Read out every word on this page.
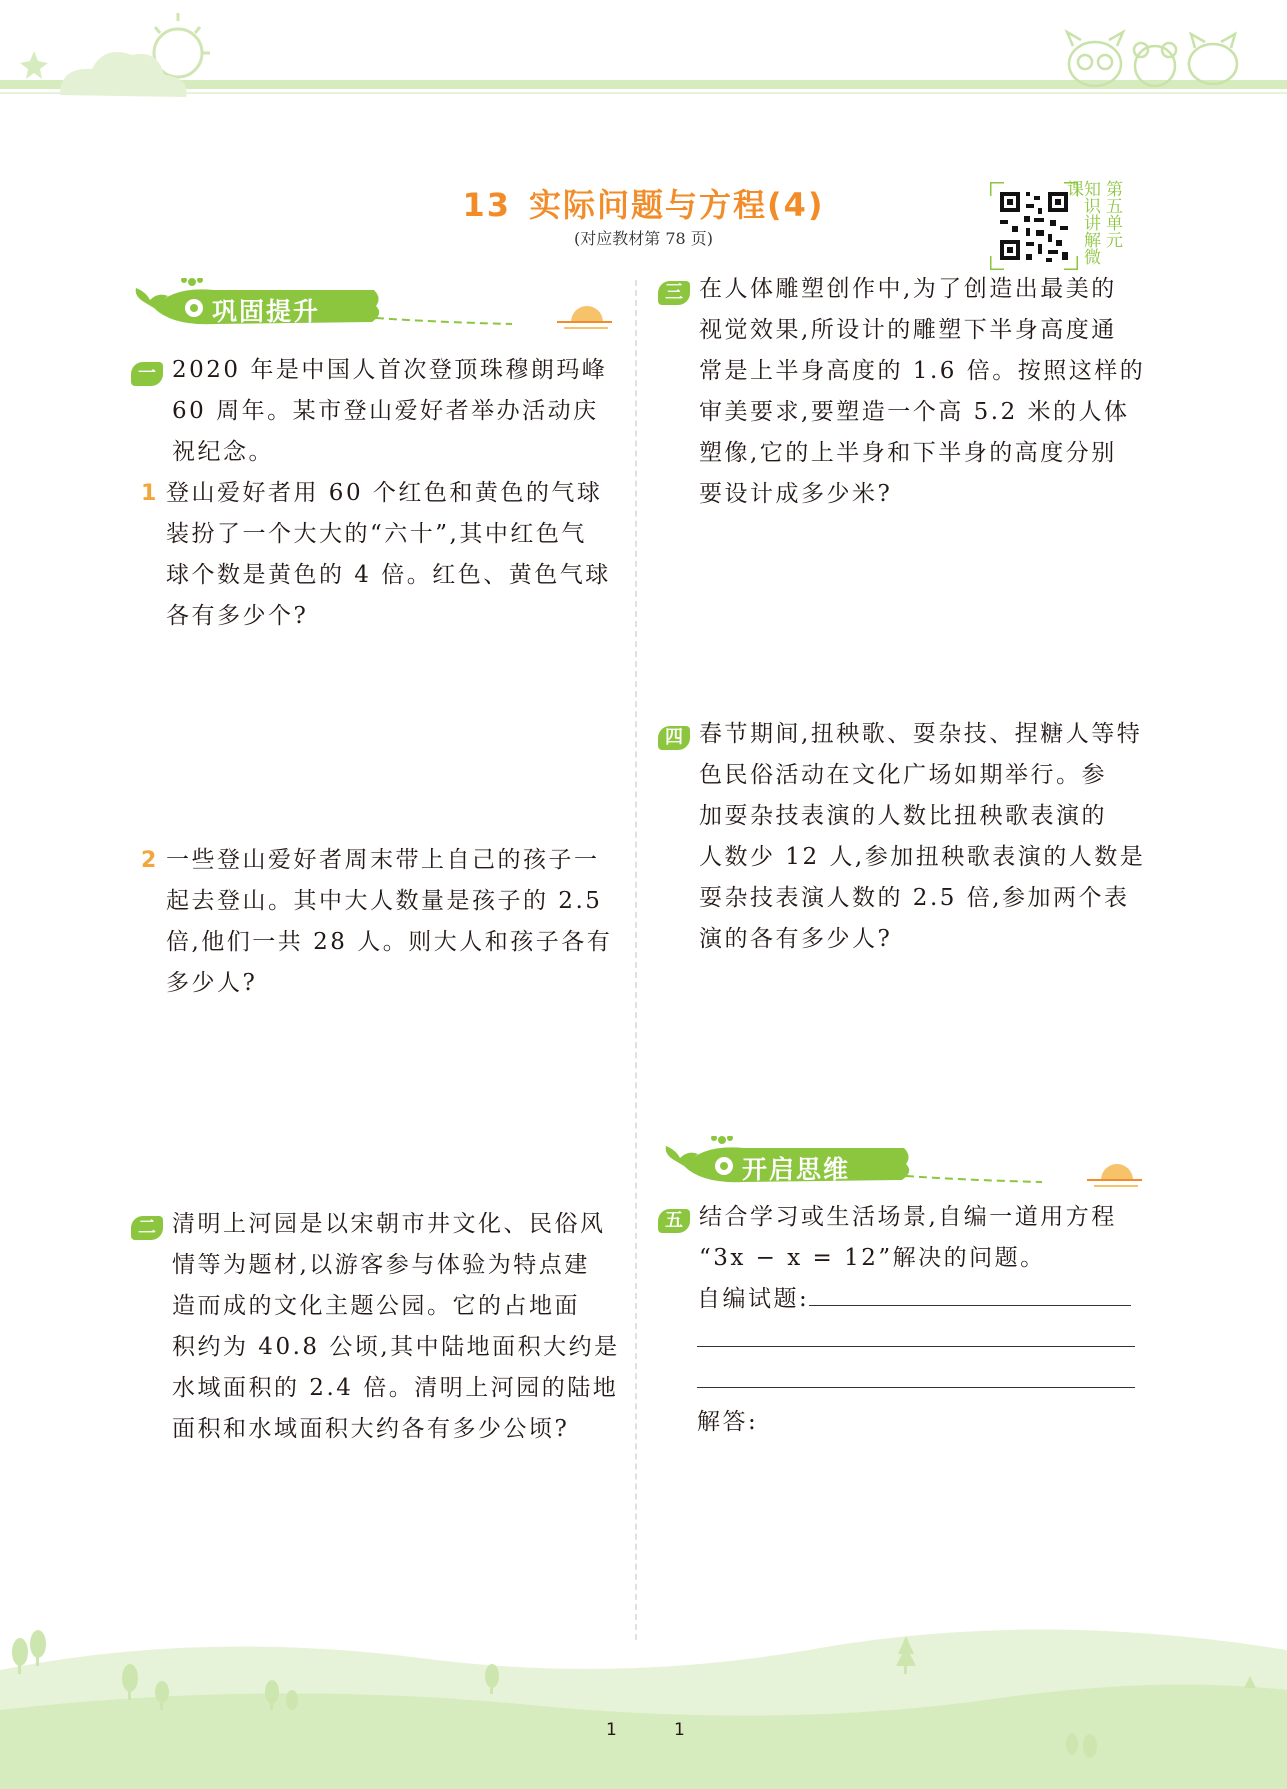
13 实际问题与方程(4)
(对应教材第 78 页)	知识讲解微课	第五单元
巩固提升
一 2020 年是中国人首次登顶珠穆朗玛峰
60 周年。某市登山爱好者举办活动庆
祝纪念。
1 登山爱好者用 60 个红色和黄色的气球
装扮了一个大大的“六十”,其中红色气
球个数是黄色的 4 倍。红色、黄色气球
各有多少个?
2 一些登山爱好者周末带上自己的孩子一
起去登山。其中大人数量是孩子的 2.5
倍,他们一共 28 人。则大人和孩子各有
多少人?
二 清明上河园是以宋朝市井文化、民俗风
情等为题材,以游客参与体验为特点建
造而成的文化主题公园。它的占地面
积约为 40.8 公顷,其中陆地面积大约是
水域面积的 2.4 倍。清明上河园的陆地
面积和水域面积大约各有多少公顷?
三 在人体雕塑创作中,为了创造出最美的
视觉效果,所设计的雕塑下半身高度通
常是上半身高度的 1.6 倍。按照这样的
审美要求,要塑造一个高 5.2 米的人体
塑像,它的上半身和下半身的高度分别
要设计成多少米?
四 春节期间,扭秧歌、耍杂技、捏糖人等特
色民俗活动在文化广场如期举行。参
加耍杂技表演的人数比扭秧歌表演的
人数少 12 人,参加扭秧歌表演的人数是
耍杂技表演人数的 2.5 倍,参加两个表
演的各有多少人?
开启思维
五 结合学习或生活场景,自编一道用方程
“3x − x = 12”解决的问题。
自编试题:
解答:
1	1
